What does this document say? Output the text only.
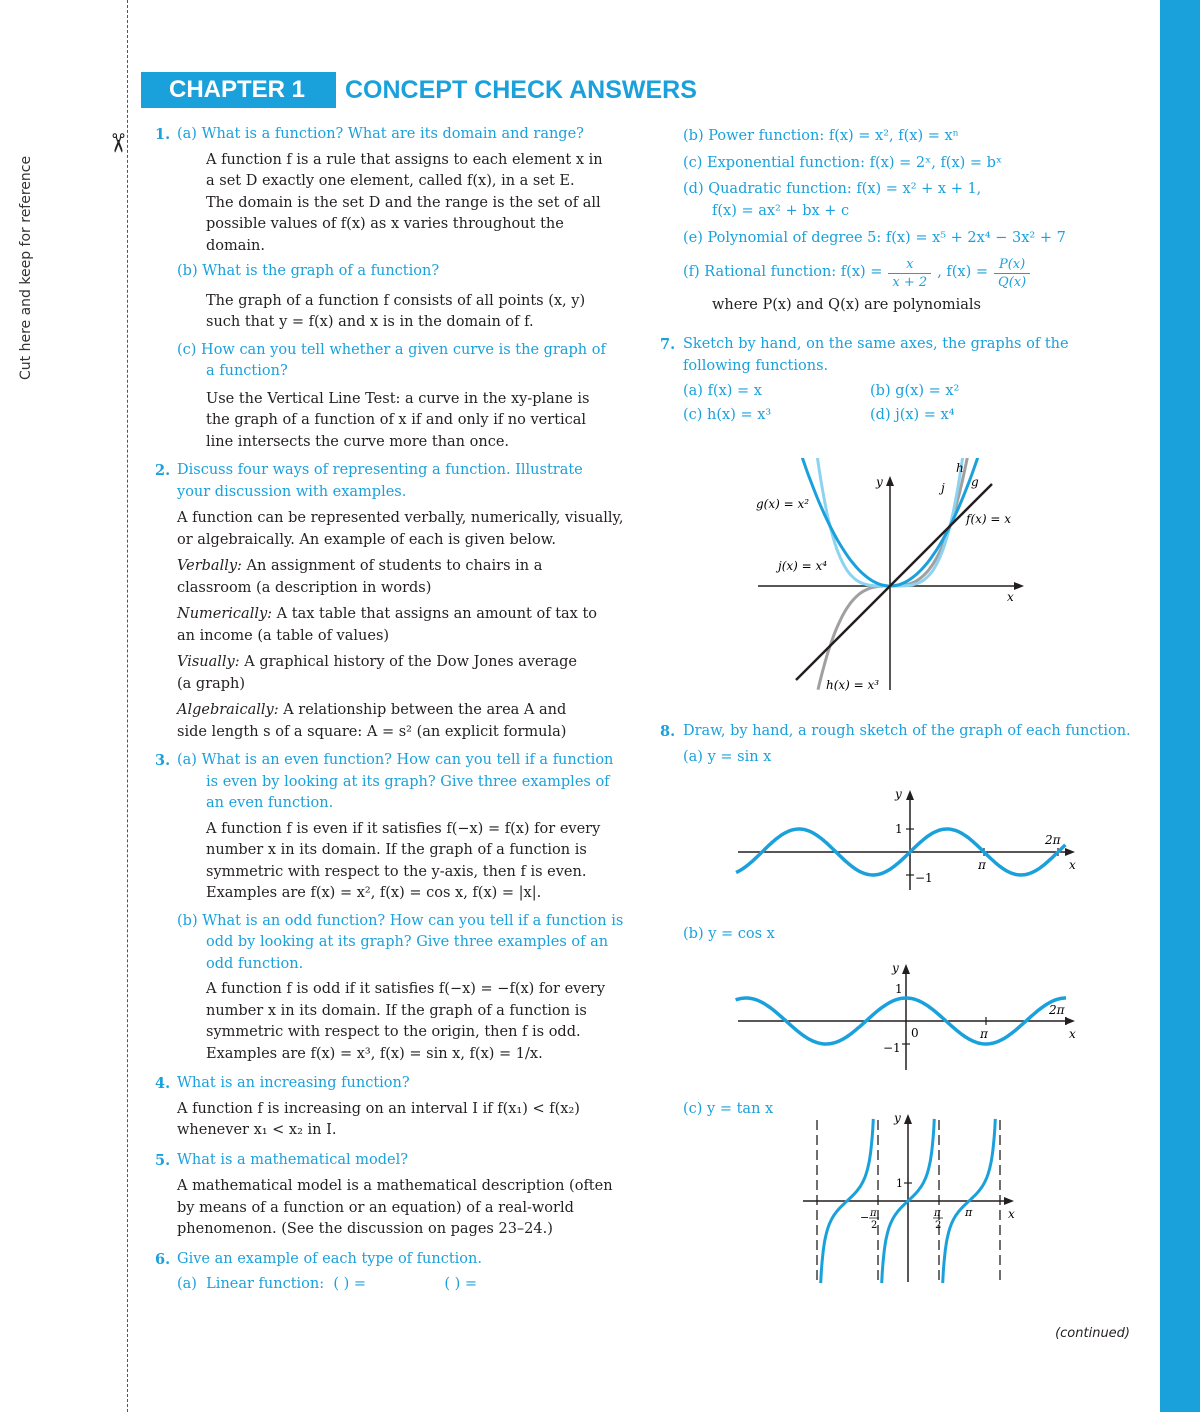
Cut here and keep for reference
✂
CHAPTER 1	CONCEPT CHECK ANSWERS
1. (a) What is a function? What are its domain and range?

A function f is a rule that assigns to each element x in a set D exactly one element, called f(x), in a set E. The domain is the set D and the range is the set of all possible values of f(x) as x varies throughout the domain.

(b) What is the graph of a function?

The graph of a function f consists of all points (x, y) such that y = f(x) and x is in the domain of f.

(c) How can you tell whether a given curve is the graph of a function?

Use the Vertical Line Test: a curve in the xy-plane is the graph of a function of x if and only if no vertical line intersects the curve more than once.

2. Discuss four ways of representing a function. Illustrate your discussion with examples.

A function can be represented verbally, numerically, visually, or algebraically. An example of each is given below.

Verbally: An assignment of students to chairs in a classroom (a description in words)

Numerically: A tax table that assigns an amount of tax to an income (a table of values)

Visually: A graphical history of the Dow Jones average (a graph)

Algebraically: A relationship between the area A and side length s of a square: A = s² (an explicit formula)

3. (a) What is an even function? How can you tell if a function is even by looking at its graph? Give three examples of an even function.

A function f is even if it satisfies f(−x) = f(x) for every number x in its domain. If the graph of a function is symmetric with respect to the y-axis, then f is even. Examples are f(x) = x², f(x) = cos x, f(x) = |x|.

(b) What is an odd function? How can you tell if a function is odd by looking at its graph? Give three examples of an odd function.

A function f is odd if it satisfies f(−x) = −f(x) for every number x in its domain. If the graph of a function is symmetric with respect to the origin, then f is odd. Examples are f(x) = x³, f(x) = sin x, f(x) = 1/x.

4. What is an increasing function?

A function f is increasing on an interval I if f(x₁) < f(x₂) whenever x₁ < x₂ in I.

5. What is a mathematical model?

A mathematical model is a mathematical description (often by means of a function or an equation) of a real-world phenomenon. (See the discussion on pages 23–24.)

6. Give an example of each type of function.

(a)  Linear function:  ( ) =                 ( ) =

(b) Power function: f(x) = x², f(x) = xⁿ

(c) Exponential function: f(x) = 2ˣ, f(x) = bˣ

(d) Quadratic function: f(x) = x² + x + 1,

f(x) = ax² + bx + c

(e) Polynomial of degree 5: f(x) = x⁵ + 2x⁴ − 3x² + 7

(f) Rational function: $f(x) = \frac{x}{x + 2}$ , $f(x) = \frac{P(x)}{Q(x)}$

where P(x) and Q(x) are polynomials

7. Sketch by hand, on the same axes, the graphs of the following functions.

(a) f(x) = x	(b) g(x) = x²
(c) h(x) = x³	(d) j(x) = x⁴
g(x) = x²
j(x) = x⁴
h(x) = x³
f(x) = x
h
j g
y
x
8. Draw, by hand, a rough sketch of the graph of each function.

(a) y = sin x

(b) y = cos x

(c) y = tan x

y
1
−1
π
2π
x
y
1
−1
0	π
2π
x
y
1
− π
2
π
2
π	x
(continued)
